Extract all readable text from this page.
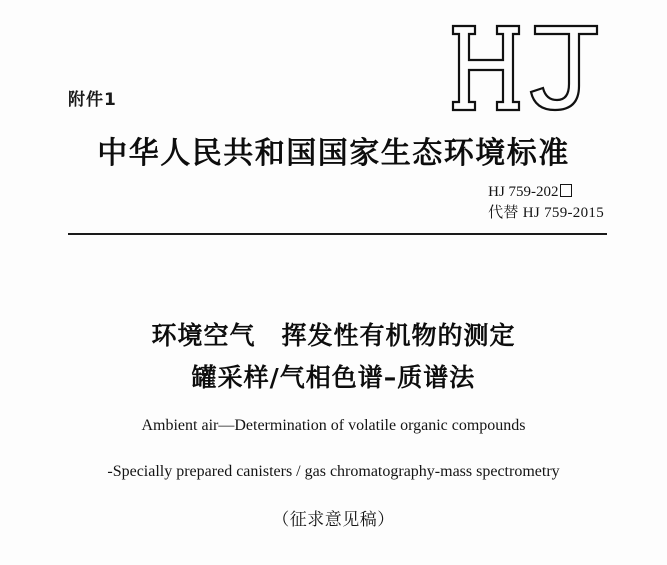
附件1
中华人民共和国国家生态环境标准
HJ 759-202
代替 HJ 759-2015
环境空气　挥发性有机物的测定
罐采样/气相色谱–质谱法
Ambient air—Determination of volatile organic compounds
-Specially prepared canisters / gas chromatography-mass spectrometry
（征求意见稿）
